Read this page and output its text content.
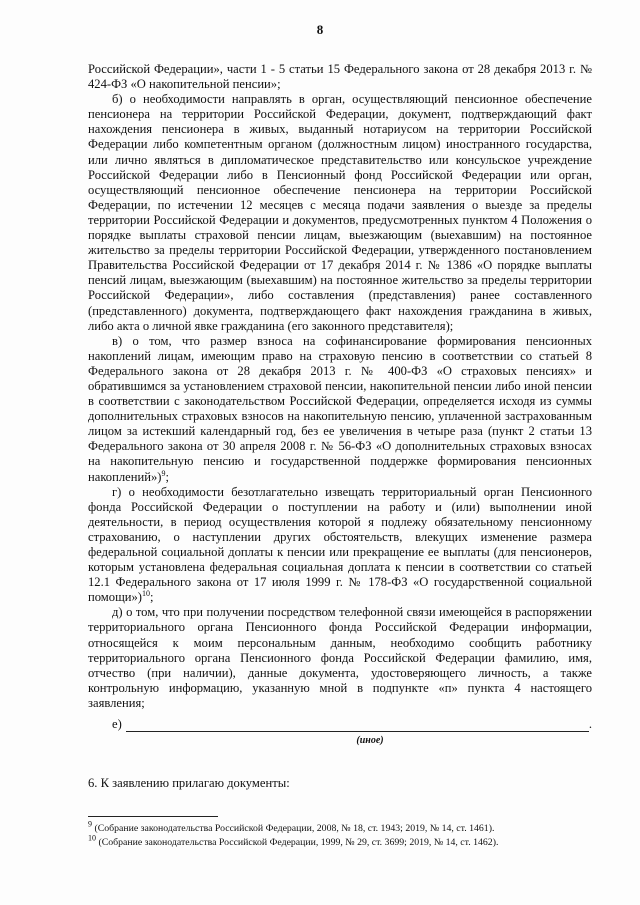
8

Российской Федерации», части 1 - 5 статьи 15 Федерального закона от 28 декабря 2013 г. № 424-ФЗ «О накопительной пенсии»;

б) о необходимости направлять в орган, осуществляющий пенсионное обеспечение пенсионера на территории Российской Федерации, документ, подтверждающий факт нахождения пенсионера в живых, выданный нотариусом на территории Российской Федерации либо компетентным органом (должностным лицом) иностранного государства, или лично являться в дипломатическое представительство или консульское учреждение Российской Федерации либо в Пенсионный фонд Российской Федерации или орган, осуществляющий пенсионное обеспечение пенсионера на территории Российской Федерации, по истечении 12 месяцев с месяца подачи заявления о выезде за пределы территории Российской Федерации и документов, предусмотренных пунктом 4 Положения о порядке выплаты страховой пенсии лицам, выезжающим (выехавшим) на постоянное жительство за пределы территории Российской Федерации, утвержденного постановлением Правительства Российской Федерации от 17 декабря 2014 г. № 1386 «О порядке выплаты пенсий лицам, выезжающим (выехавшим) на постоянное жительство за пределы территории Российской Федерации», либо составления (представления) ранее составленного (представленного) документа, подтверждающего факт нахождения гражданина в живых, либо акта о личной явке гражданина (его законного представителя);

в) о том, что размер взноса на софинансирование формирования пенсионных накоплений лицам, имеющим право на страховую пенсию в соответствии со статьей 8 Федерального закона от 28 декабря 2013 г. № 400-ФЗ «О страховых пенсиях» и обратившимся за установлением страховой пенсии, накопительной пенсии либо иной пенсии в соответствии с законодательством Российской Федерации, определяется исходя из суммы дополнительных страховых взносов на накопительную пенсию, уплаченной застрахованным лицом за истекший календарный год, без ее увеличения в четыре раза (пункт 2 статьи 13 Федерального закона от 30 апреля 2008 г. № 56-ФЗ «О дополнительных страховых взносах на накопительную пенсию и государственной поддержке формирования пенсионных накоплений»)$^9$;

г) о необходимости безотлагательно извещать территориальный орган Пенсионного фонда Российской Федерации о поступлении на работу и (или) выполнении иной деятельности, в период осуществления которой я подлежу обязательному пенсионному страхованию, о наступлении других обстоятельств, влекущих изменение размера федеральной социальной доплаты к пенсии или прекращение ее выплаты (для пенсионеров, которым установлена федеральная социальная доплата к пенсии в соответствии со статьей 12.1 Федерального закона от 17 июля 1999 г. № 178-ФЗ «О государственной социальной помощи»)$^{10}$;

д) о том, что при получении посредством телефонной связи имеющейся в распоряжении территориального органа Пенсионного фонда Российской Федерации информации, относящейся к моим персональным данным, необходимо сообщить работнику территориального органа Пенсионного фонда Российской Федерации фамилию, имя, отчество (при наличии), данные документа, удостоверяющего личность, а также контрольную информацию, указанную мной в подпункте «п» пункта 4 настоящего заявления;

е)	.
(иное)
6. К заявлению прилагаю документы:

$^9$ (Собрание законодательства Российской Федерации, 2008, № 18, ст. 1943; 2019, № 14, ст. 1461).

$^{10}$ (Собрание законодательства Российской Федерации, 1999, № 29, ст. 3699; 2019, № 14, ст. 1462).
